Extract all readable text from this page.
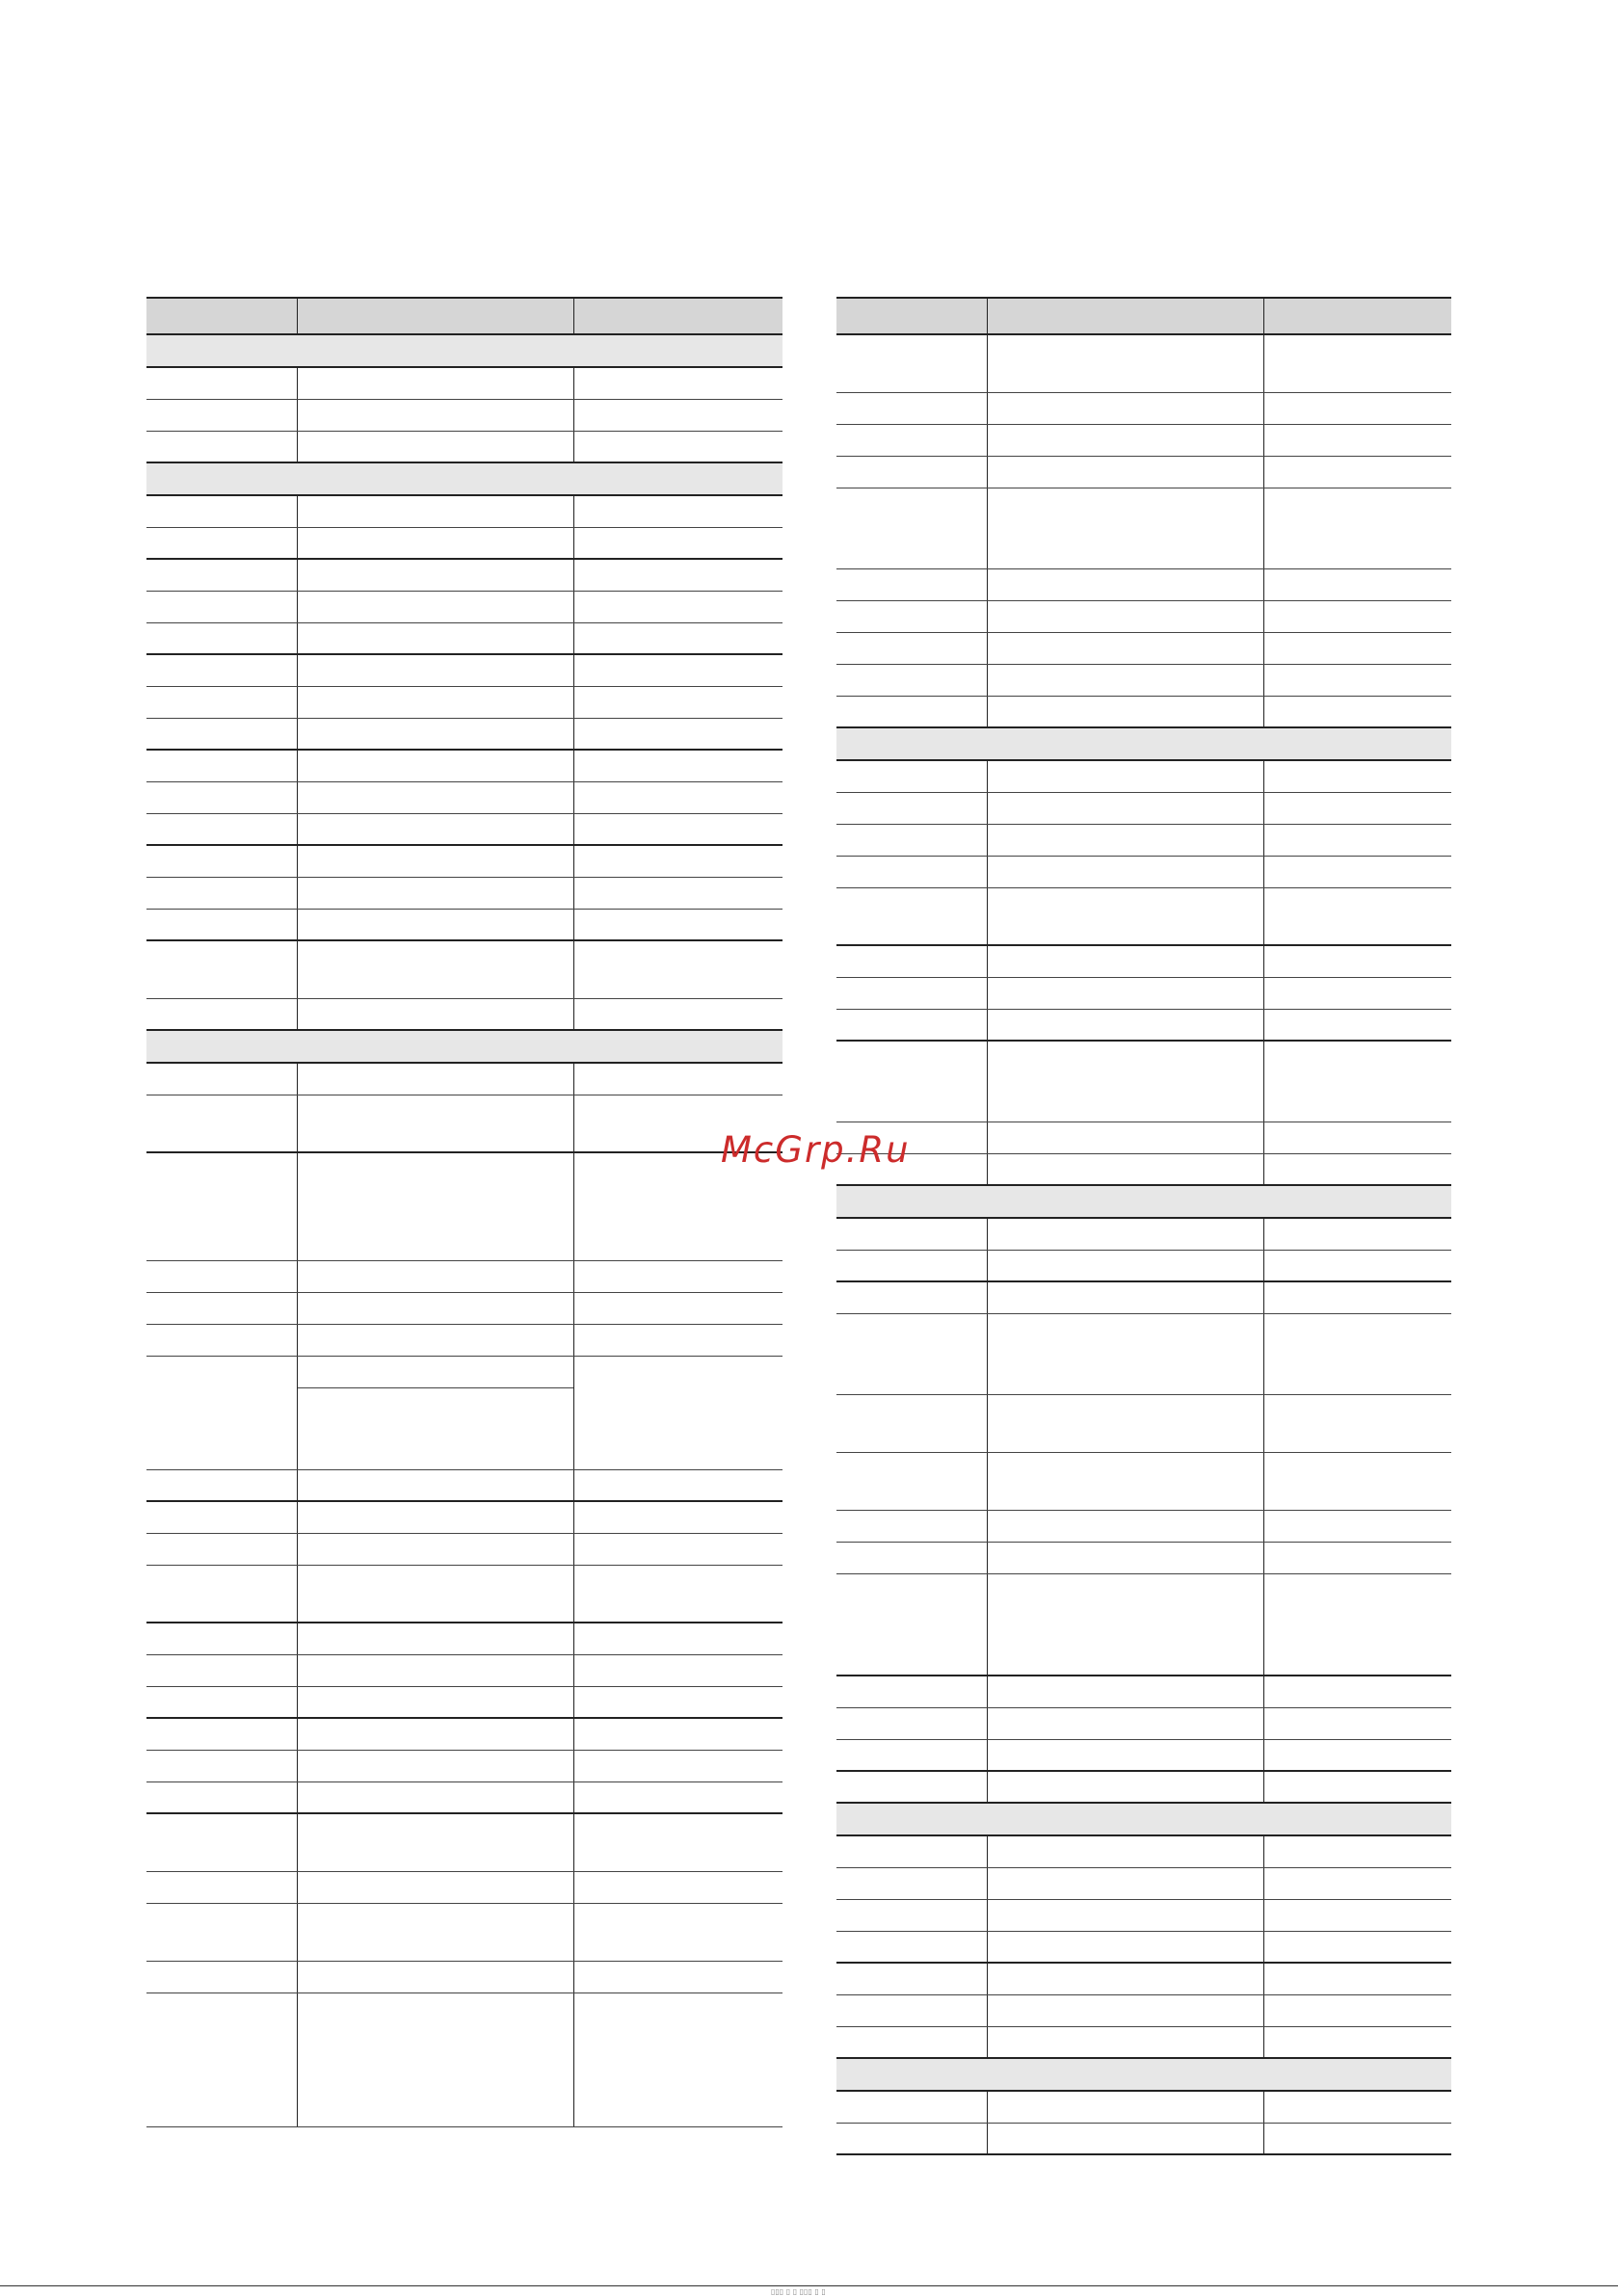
McGrp.Ru
▯▯▯ ▯ ▯ ▯▯▯ ▯ ▯
